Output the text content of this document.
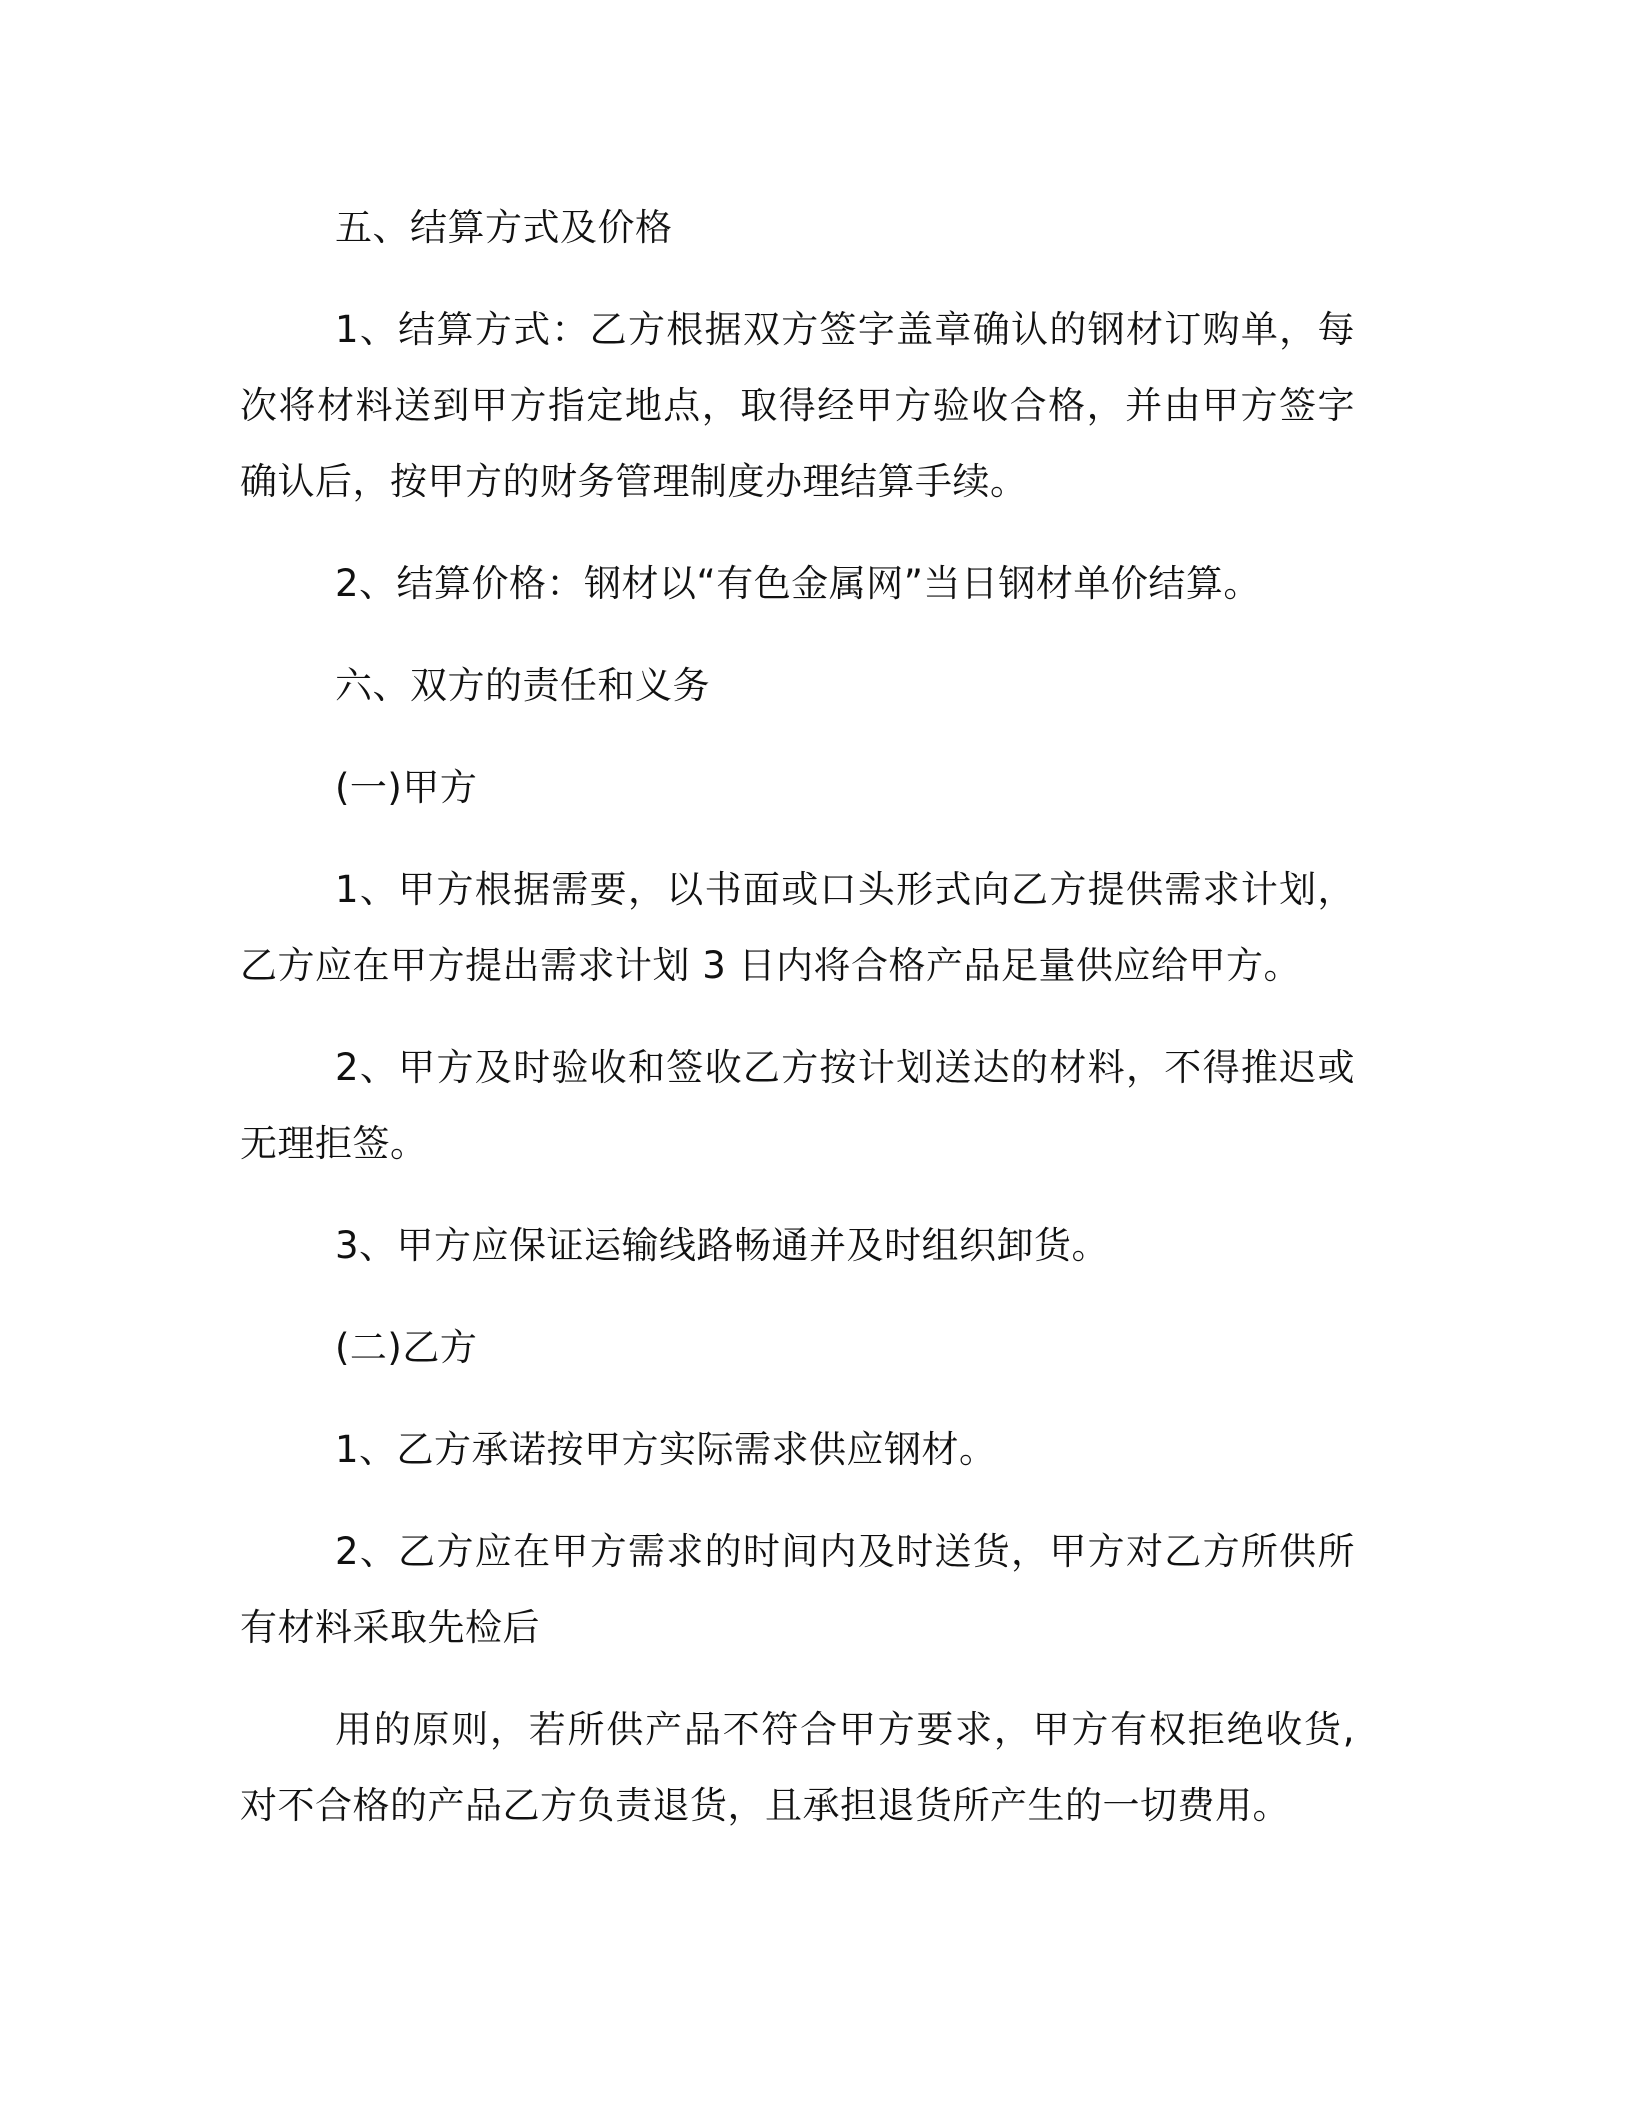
五、结算方式及价格

1、结算方式：乙方根据双方签字盖章确认的钢材订购单，每次将材料送到甲方指定地点，取得经甲方验收合格，并由甲方签字确认后，按甲方的财务管理制度办理结算手续。

2、结算价格：钢材以“有色金属网”当日钢材单价结算。

六、双方的责任和义务

(一)甲方

1、甲方根据需要，以书面或口头形式向乙方提供需求计划，乙方应在甲方提出需求计划 3 日内将合格产品足量供应给甲方。

2、甲方及时验收和签收乙方按计划送达的材料，不得推迟或无理拒签。

3、甲方应保证运输线路畅通并及时组织卸货。

(二)乙方

1、乙方承诺按甲方实际需求供应钢材。

2、乙方应在甲方需求的时间内及时送货，甲方对乙方所供所有材料采取先检后

用的原则，若所供产品不符合甲方要求，甲方有权拒绝收货,对不合格的产品乙方负责退货，且承担退货所产生的一切费用。
